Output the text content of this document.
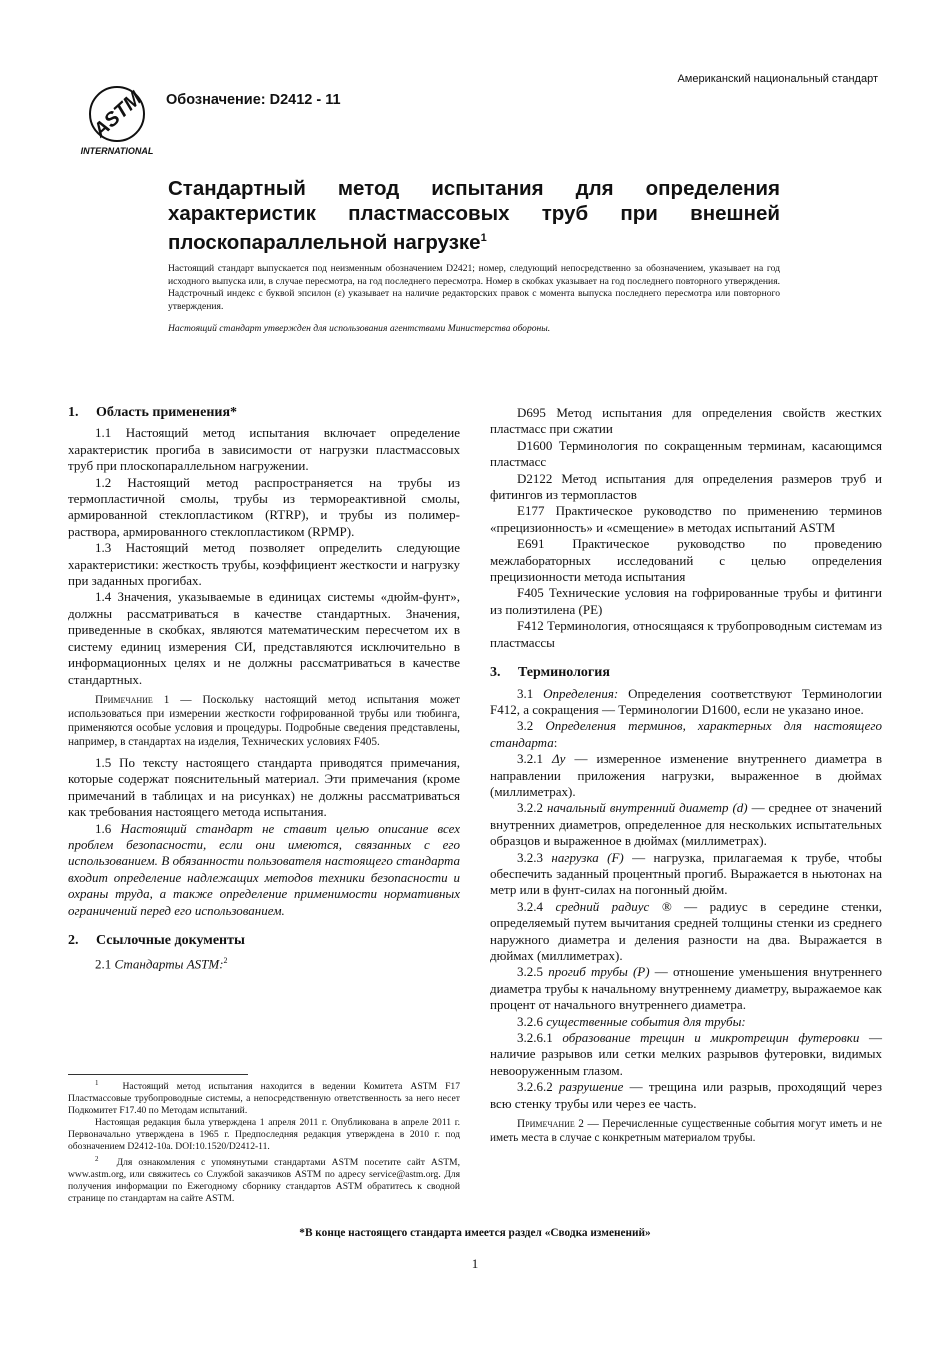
Американский национальный стандарт
ASTM
INTERNATIONAL
Обозначение: D2412 - 11
Стандартный метод испытания для определения характеристик пластмассовых труб при внешней плоскопараллельной нагрузке$^1$
Настоящий стандарт выпускается под неизменным обозначением D2421; номер, следующий непосредственно за обозначением, указывает на год исходного выпуска или, в случае пересмотра, на год последнего пересмотра. Номер в скобках указывает на год последнего повторного утверждения. Надстрочный индекс с буквой эпсилон (ε) указывает на наличие редакторских правок с момента выпуска последнего пересмотра или повторного утверждения.
Настоящий стандарт утвержден для использования агентствами Министерства обороны.
1. Область применения*

1.1 Настоящий метод испытания включает определение характеристик прогиба в зависимости от нагрузки пластмассовых труб при плоскопараллельном нагружении.

1.2 Настоящий метод распространяется на трубы из термопластичной смолы, трубы из термореактивной смолы, армированной стеклопластиком (RTRP), и трубы из полимер-раствора, армированного стеклопластиком (RPMP).

1.3 Настоящий метод позволяет определить следующие характеристики: жесткость трубы, коэффициент жесткости и нагрузку при заданных прогибах.

1.4 Значения, указываемые в единицах системы «дюйм-фунт», должны рассматриваться в качестве стандартных. Значения, приведенные в скобках, являются математическим пересчетом их в систему единиц измерения СИ, представляются исключительно в информационных целях и не должны рассматриваться в качестве стандартных.

Примечание 1 — Поскольку настоящий метод испытания может использоваться при измерении жесткости гофрированной трубы или тюбинга, применяются особые условия и процедуры. Подробные сведения представлены, например, в стандартах на изделия, Технических условиях F405.

1.5 По тексту настоящего стандарта приводятся примечания, которые содержат пояснительный материал. Эти примечания (кроме примечаний в таблицах и на рисунках) не должны рассматриваться как требования настоящего метода испытания.

1.6 Настоящий стандарт не ставит целью описание всех проблем безопасности, если они имеются, связанных с его использованием. В обязанности пользователя настоящего стандарта входит определение надлежащих методов техники безопасности и охраны труда, а также определение применимости нормативных ограничений перед его использованием.

2. Ссылочные документы

2.1 Стандарты ASTM:$^2$

D695 Метод испытания для определения свойств жестких пластмасс при сжатии

D1600 Терминология по сокращенным терминам, касающимся пластмасс

D2122 Метод испытания для определения размеров труб и фитингов из термопластов

E177 Практическое руководство по применению терминов «прецизионность» и «смещение» в методах испытаний ASTM

E691 Практическое руководство по проведению межлабораторных исследований с целью определения прецизионности метода испытания

F405 Технические условия на гофрированные трубы и фитинги из полиэтилена (PE)

F412 Терминология, относящаяся к трубопроводным системам из пластмассы

3. Терминология

3.1 Определения: Определения соответствуют Терминологии F412, а сокращения — Терминологии D1600, если не указано иное.

3.2 Определения терминов, характерных для настоящего стандарта:

3.2.1 Δy — измеренное изменение внутреннего диаметра в направлении приложения нагрузки, выраженное в дюймах (миллиметрах).

3.2.2 начальный внутренний диаметр (d) — среднее от значений внутренних диаметров, определенное для нескольких испытательных образцов и выраженное в дюймах (миллиметрах).

3.2.3 нагрузка (F) — нагрузка, прилагаемая к трубе, чтобы обеспечить заданный процентный прогиб. Выражается в ньютонах на метр или в фунт-силах на погонный дюйм.

3.2.4 средний радиус ® — радиус в середине стенки, определяемый путем вычитания средней толщины стенки из среднего наружного диаметра и деления разности на два. Выражается в дюймах (миллиметрах).

3.2.5 прогиб трубы (P) — отношение уменьшения внутреннего диаметра трубы к начальному внутреннему диаметру, выражаемое как процент от начального внутреннего диаметра.

3.2.6 существенные события для трубы:

3.2.6.1 образование трещин и микротрещин футеровки — наличие разрывов или сетки мелких разрывов футеровки, видимых невооруженным глазом.

3.2.6.2 разрушение — трещина или разрыв, проходящий через всю стенку трубы или через ее часть.

Примечание 2 — Перечисленные существенные события могут иметь и не иметь места в случае с конкретным материалом трубы.

$^1$ Настоящий метод испытания находится в ведении Комитета ASTM F17 Пластмассовые трубопроводные системы, а непосредственную ответственность за него несет Подкомитет F17.40 по Методам испытаний.

Настоящая редакция была утверждена 1 апреля 2011 г. Опубликована в апреле 2011 г. Первоначально утверждена в 1965 г. Предпоследняя редакция утверждена в 2010 г. под обозначением D2412-10a. DOI:10.1520/D2412-11.

$^2$ Для ознакомления с упомянутыми стандартами ASTM посетите сайт ASTM, www.astm.org, или свяжитесь со Службой заказчиков ASTM по адресу service@astm.org. Для получения информации по Ежегодному сборнику стандартов ASTM обратитесь к сводной странице по стандартам на сайте ASTM.

*В конце настоящего стандарта имеется раздел «Сводка изменений»
1
